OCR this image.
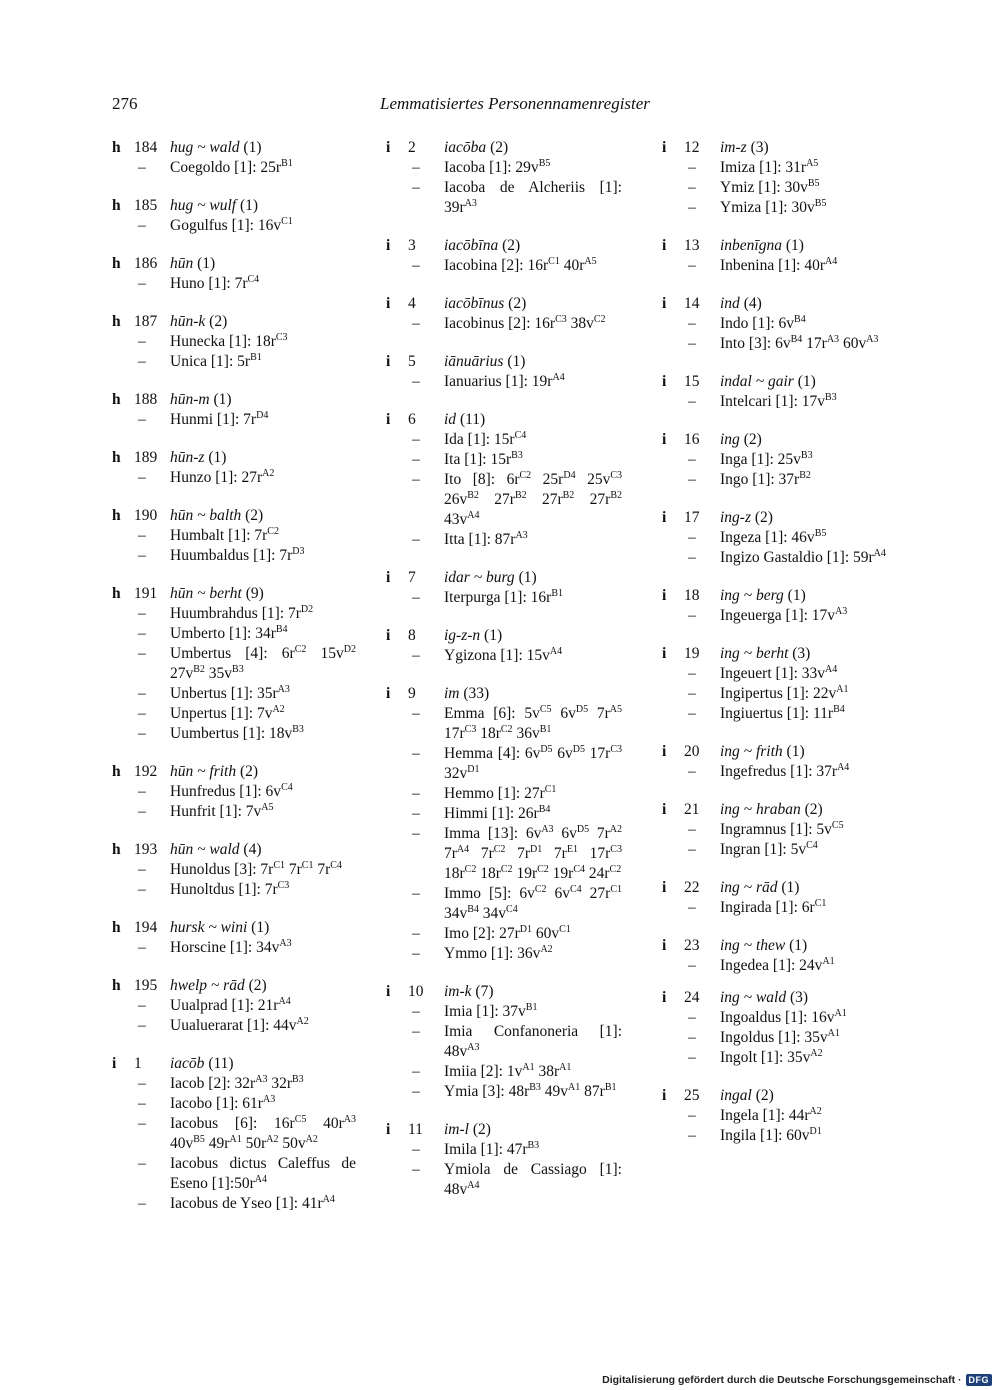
276	Lemmatisiertes Personennamenregister
h 184 hug ~ wald (1)
– Coegoldo [1]: $25r^{B1}$
h 185 hug ~ wulf (1)
– Gogulfus [1]: $16v^{C1}$
h 186 hūn (1)
– Huno [1]: $7r^{C4}$
h 187 hūn-k (2)
– Hunecka [1]: $18r^{C3}$
– Unica [1]: $5r^{B1}$
h 188 hūn-m (1)
– Hunmi [1]: $7r^{D4}$
h 189 hūn-z (1)
– Hunzo [1]: $27r^{A2}$
h 190 hūn ~ balth (2)
– Humbalt [1]: $7r^{C2}$
– Huumbaldus [1]: $7r^{D3}$
h 191 hūn ~ berht (9)
– Huumbrahdus [1]: $7r^{D2}$
– Umberto [1]: $34r^{B4}$
– Umbertus [4]: $6r^{C2}$ $15v^{D2}$ $27v^{B2}$ $35v^{B3}$
– Unbertus [1]: $35r^{A3}$
– Unpertus [1]: $7v^{A2}$
– Uumbertus [1]: $18v^{B3}$
h 192 hūn ~ frith (2)
– Hunfredus [1]: $6v^{C4}$
– Hunfrit [1]: $7v^{A5}$
h 193 hūn ~ wald (4)
– Hunoldus [3]: $7r^{C1}$ $7r^{C1}$ $7r^{C4}$
– Hunoltdus [1]: $7r^{C3}$
h 194 hursk ~ wini (1)
– Horscine [1]: $34v^{A3}$
h 195 hwelp ~ rād (2)
– Uualprad [1]: $21r^{A4}$
– Uualuerarat [1]: $44v^{A2}$
i 1 iacōb (11)
– Iacob [2]: $32r^{A3}$ $32r^{B3}$
– Iacobo [1]: $61r^{A3}$
– Iacobus [6]: $16r^{C5}$ $40r^{A3}$ $40v^{B5}$ $49r^{A1}$ $50r^{A2}$ $50v^{A2}$
– Iacobus dictus Caleffus de Eseno $[1]:50r^{A4}$
– Iacobus de Yseo [1]: $41r^{A4}$
i 2 iacōba (2)
– Iacoba [1]: $29v^{B5}$
– Iacoba de Alcheriis [1]: $39r^{A3}$
i 3 iacōbīna (2)
– Iacobina [2]: $16r^{C1}$ $40r^{A5}$
i 4 iacōbīnus (2)
– Iacobinus [2]: $16r^{C3}$ $38v^{C2}$
i 5 iānuārius (1)
– Ianuarius [1]: $19r^{A4}$
i 6 id (11)
– Ida [1]: $15r^{C4}$
– Ita [1]: $15r^{B3}$
– Ito [8]: $6r^{C2}$ $25r^{D4}$ $25v^{C3}$ $26v^{B2}$ $27r^{B2}$ $27r^{B2}$ $27r^{B2}$ $43v^{A4}$
– Itta [1]: $87r^{A3}$
i 7 idar ~ burg (1)
– Iterpurga [1]: $16r^{B1}$
i 8 ig-z-n (1)
– Ygizona [1]: $15v^{A4}$
i 9 im (33)
– Emma [6]: $5v^{C5}$ $6v^{D5}$ $7r^{A5}$ $17r^{C3}$ $18r^{C2}$ $36v^{B1}$
– Hemma [4]: $6v^{D5}$ $6v^{D5}$ $17r^{C3}$ $32v^{D1}$
– Hemmo [1]: $27r^{C1}$
– Himmi [1]: $26r^{B4}$
– Imma [13]: $6v^{A3}$ $6v^{D5}$ $7r^{A2}$ $7r^{A4}$ $7r^{C2}$ $7r^{D1}$ $7r^{E1}$ $17r^{C3}$ $18r^{C2}$ $18r^{C2}$ $19r^{C2}$ $19r^{C4}$ $24r^{C2}$
– Immo [5]: $6v^{C2}$ $6v^{C4}$ $27r^{C1}$ $34v^{B4}$ $34v^{C4}$
– Imo [2]: $27r^{D1}$ $60v^{C1}$
– Ymmo [1]: $36v^{A2}$
i 10 im-k (7)
– Imia [1]: $37v^{B1}$
– Imia Confanoneria [1]: $48v^{A3}$
– Imiia [2]: $1v^{A1}$ $38r^{A1}$
– Ymia [3]: $48r^{B3}$ $49v^{A1}$ $87r^{B1}$
i 11 im-l (2)
– Imila [1]: $47r^{B3}$
– Ymiola de Cassiago [1]: $48v^{A4}$
i 12 im-z (3)
– Imiza [1]: $31r^{A5}$
– Ymiz [1]: $30v^{B5}$
– Ymiza [1]: $30v^{B5}$
i 13 inbenīgna (1)
– Inbenina [1]: $40r^{A4}$
i 14 ind (4)
– Indo [1]: $6v^{B4}$
– Into [3]: $6v^{B4}$ $17r^{A3}$ $60v^{A3}$
i 15 indal ~ gair (1)
– Intelcari [1]: $17v^{B3}$
i 16 ing (2)
– Inga [1]: $25v^{B3}$
– Ingo [1]: $37r^{B2}$
i 17 ing-z (2)
– Ingeza [1]: $46v^{B5}$
– Ingizo Gastaldio [1]: $59r^{A4}$
i 18 ing ~ berg (1)
– Ingeuerga [1]: $17v^{A3}$
i 19 ing ~ berht (3)
– Ingeuert [1]: $33v^{A4}$
– Ingipertus [1]: $22v^{A1}$
– Ingiuertus [1]: $11r^{B4}$
i 20 ing ~ frith (1)
– Ingefredus [1]: $37r^{A4}$
i 21 ing ~ hraban (2)
– Ingramnus [1]: $5v^{C5}$
– Ingran [1]: $5v^{C4}$
i 22 ing ~ rād (1)
– Ingirada [1]: $6r^{C1}$
i 23 ing ~ thew (1)
– Ingedea [1]: $24v^{A1}$
i 24 ing ~ wald (3)
– Ingoaldus [1]: $16v^{A1}$
– Ingoldus [1]: $35v^{A1}$
– Ingolt [1]: $35v^{A2}$
i 25 ingal (2)
– Ingela [1]: $44r^{A2}$
– Ingila [1]: $60v^{D1}$
Digitalisierung gefördert durch die Deutsche Forschungsgemeinschaft · DFG
